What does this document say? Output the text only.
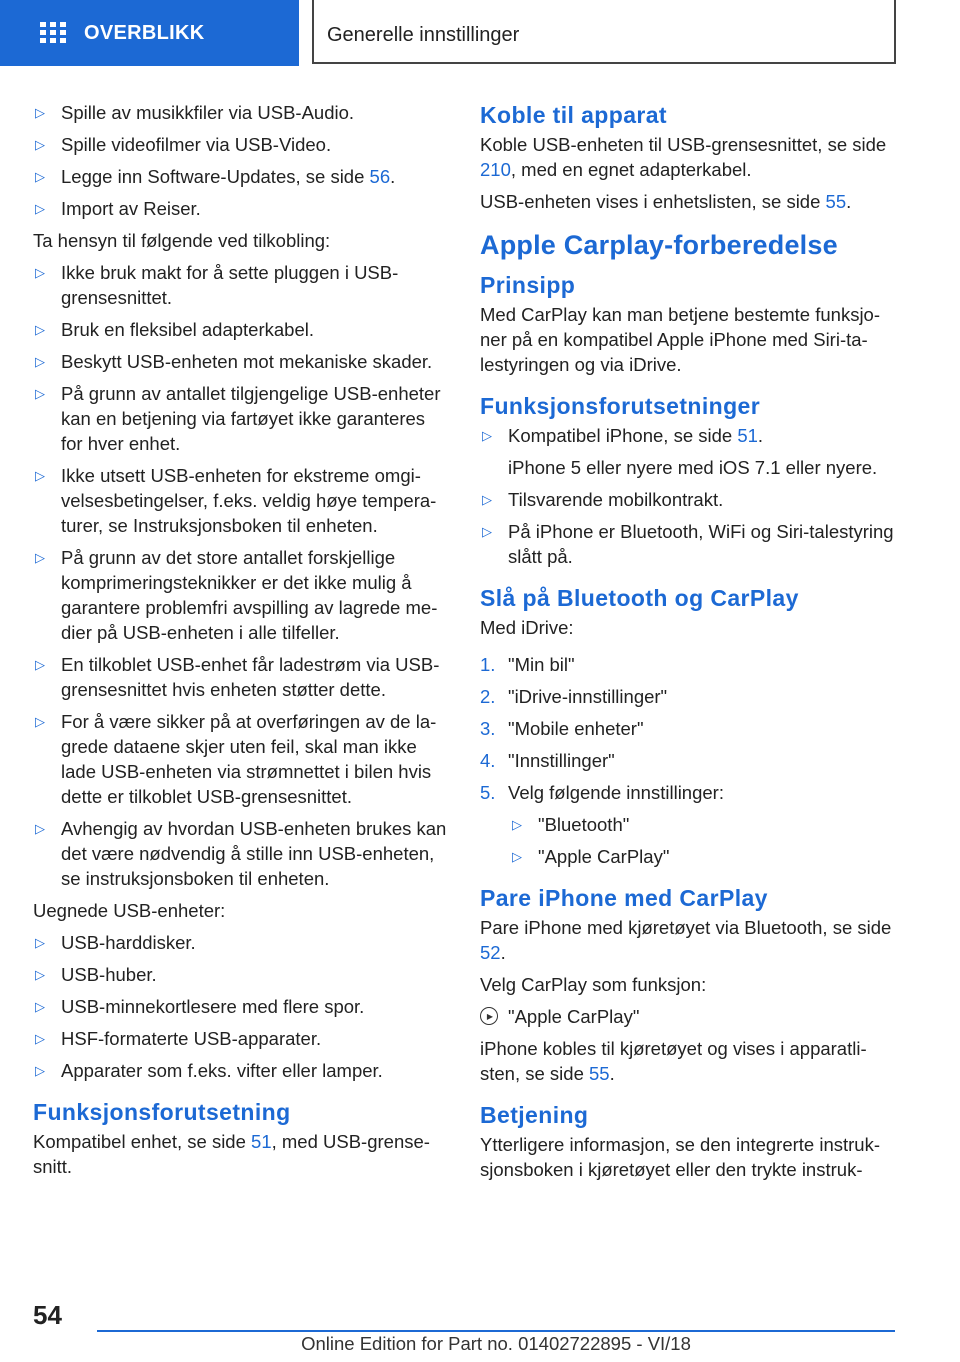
OVERBLIKK	Generelle innstillinger
▷ Spille av musikkfiler via USB-Audio.
▷ Spille videofilmer via USB-Video.
▷ Legge inn Software-Updates, se side 56.
▷ Import av Reiser.
Ta hensyn til følgende ved tilkobling:
▷ Ikke bruk makt for å sette pluggen i USB-grensesnittet.
▷ Bruk en fleksibel adapterkabel.
▷ Beskytt USB-enheten mot mekaniske skader.
▷ På grunn av antallet tilgjengelige USB-enheter kan en betjening via fartøyet ikke garanteres for hver enhet.
▷ Ikke utsett USB-enheten for ekstreme omgivelsesbetingelser, f.eks. veldig høye temperaturer, se Instruksjonsboken til enheten.
▷ På grunn av det store antallet forskjellige komprimeringsteknikker er det ikke mulig å garantere problemfri avspilling av lagrede medier på USB-enheten i alle tilfeller.
▷ En tilkoblet USB-enhet får ladestrøm via USB-grensesnittet hvis enheten støtter dette.
▷ For å være sikker på at overføringen av de lagrede dataene skjer uten feil, skal man ikke lade USB-enheten via strømnettet i bilen hvis dette er tilkoblet USB-grensesnittet.
▷ Avhengig av hvordan USB-enheten brukes kan det være nødvendig å stille inn USB-enheten, se instruksjonsboken til enheten.
Uegnede USB-enheter:
▷ USB-harddisker.
▷ USB-huber.
▷ USB-minnekortlesere med flere spor.
▷ HSF-formaterte USB-apparater.
▷ Apparater som f.eks. vifter eller lamper.
Funksjonsforutsetning
Kompatibel enhet, se side 51, med USB-grensesnitt.
Koble til apparat
Koble USB-enheten til USB-grensesnittet, se side 210, med en egnet adapterkabel.
USB-enheten vises i enhetslisten, se side 55.
Apple Carplay-forberedelse
Prinsipp
Med CarPlay kan man betjene bestemte funksjoner på en kompatibel Apple iPhone med Siri-talestyringen og via iDrive.
Funksjonsforutsetninger
▷ Kompatibel iPhone, se side 51.
iPhone 5 eller nyere med iOS 7.1 eller nyere.
▷ Tilsvarende mobilkontrakt.
▷ På iPhone er Bluetooth, WiFi og Siri-talestyring slått på.
Slå på Bluetooth og CarPlay
Med iDrive:
1. "Min bil"
2. "iDrive-innstillinger"
3. "Mobile enheter"
4. "Innstillinger"
5. Velg følgende innstillinger:
▷ "Bluetooth"
▷ "Apple CarPlay"
Pare iPhone med CarPlay
Pare iPhone med kjøretøyet via Bluetooth, se side 52.
Velg CarPlay som funksjon:
▶ "Apple CarPlay"
iPhone kobles til kjøretøyet og vises i apparatlisten, se side 55.
Betjening
Ytterligere informasjon, se den integrerte instruksjonsboken i kjøretøyet eller den trykte instruk-
54
Online Edition for Part no. 01402722895 - VI/18
